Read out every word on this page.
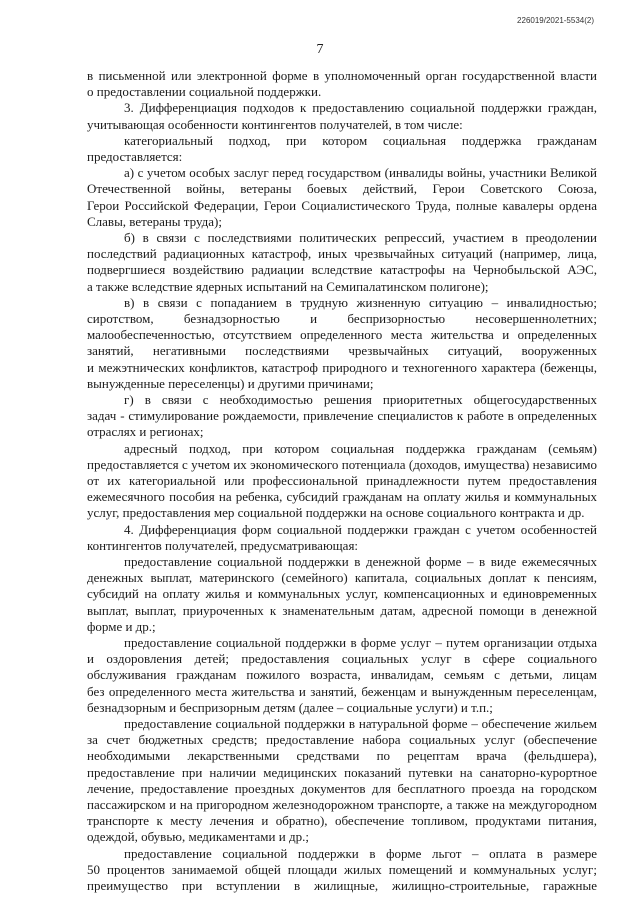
226019/2021-5534(2)
7
в письменной или электронной форме в уполномоченный орган государственной власти
о предоставлении социальной поддержки.
3. Дифференциация подходов к предоставлению социальной поддержки граждан,
учитывающая особенности контингентов получателей, в том числе:
категориальный подход, при котором социальная поддержка гражданам
предоставляется:
а) с учетом особых заслуг перед государством (инвалиды войны, участники Великой
Отечественной войны, ветераны боевых действий, Герои Советского Союза,
Герои Российской Федерации, Герои Социалистического Труда, полные кавалеры ордена
Славы, ветераны труда);
б) в связи с последствиями политических репрессий, участием в преодолении
последствий радиационных катастроф, иных чрезвычайных ситуаций (например, лица,
подвергшиеся воздействию радиации вследствие катастрофы на Чернобыльской АЭС,
а также вследствие ядерных испытаний на Семипалатинском полигоне);
в) в связи с попаданием в трудную жизненную ситуацию – инвалидностью;
сиротством, безнадзорностью и беспризорностью несовершеннолетних;
малообеспеченностью, отсутствием определенного места жительства и определенных
занятий, негативными последствиями чрезвычайных ситуаций, вооруженных
и межэтнических конфликтов, катастроф природного и техногенного характера (беженцы,
вынужденные переселенцы) и другими причинами;
г) в связи с необходимостью решения приоритетных общегосударственных
задач - стимулирование рождаемости, привлечение специалистов к работе в определенных
отраслях и регионах;
адресный подход, при котором социальная поддержка гражданам (семьям)
предоставляется с учетом их экономического потенциала (доходов, имущества) независимо
от их категориальной или профессиональной принадлежности путем предоставления
ежемесячного пособия на ребенка, субсидий гражданам на оплату жилья и коммунальных
услуг, предоставления мер социальной поддержки на основе социального контракта и др.
4. Дифференциация форм социальной поддержки граждан с учетом особенностей
контингентов получателей, предусматривающая:
предоставление социальной поддержки в денежной форме – в виде ежемесячных
денежных выплат, материнского (семейного) капитала, социальных доплат к пенсиям,
субсидий на оплату жилья и коммунальных услуг, компенсационных и единовременных
выплат, выплат, приуроченных к знаменательным датам, адресной помощи в денежной
форме и др.;
предоставление социальной поддержки в форме услуг – путем организации отдыха
и оздоровления детей; предоставления социальных услуг в сфере социального
обслуживания гражданам пожилого возраста, инвалидам, семьям с детьми, лицам
без определенного места жительства и занятий, беженцам и вынужденным переселенцам,
безнадзорным и беспризорным детям (далее – социальные услуги) и т.п.;
предоставление социальной поддержки в натуральной форме – обеспечение жильем
за счет бюджетных средств; предоставление набора социальных услуг (обеспечение
необходимыми лекарственными средствами по рецептам врача (фельдшера),
предоставление при наличии медицинских показаний путевки на санаторно-курортное
лечение, предоставление проездных документов для бесплатного проезда на городском
пассажирском и на пригородном железнодорожном транспорте, а также на междугородном
транспорте к месту лечения и обратно), обеспечение топливом, продуктами питания,
одеждой, обувью, медикаментами и др.;
предоставление социальной поддержки в форме льгот – оплата в размере
50 процентов занимаемой общей площади жилых помещений и коммунальных услуг;
преимущество при вступлении в жилищные, жилищно-строительные, гаражные
